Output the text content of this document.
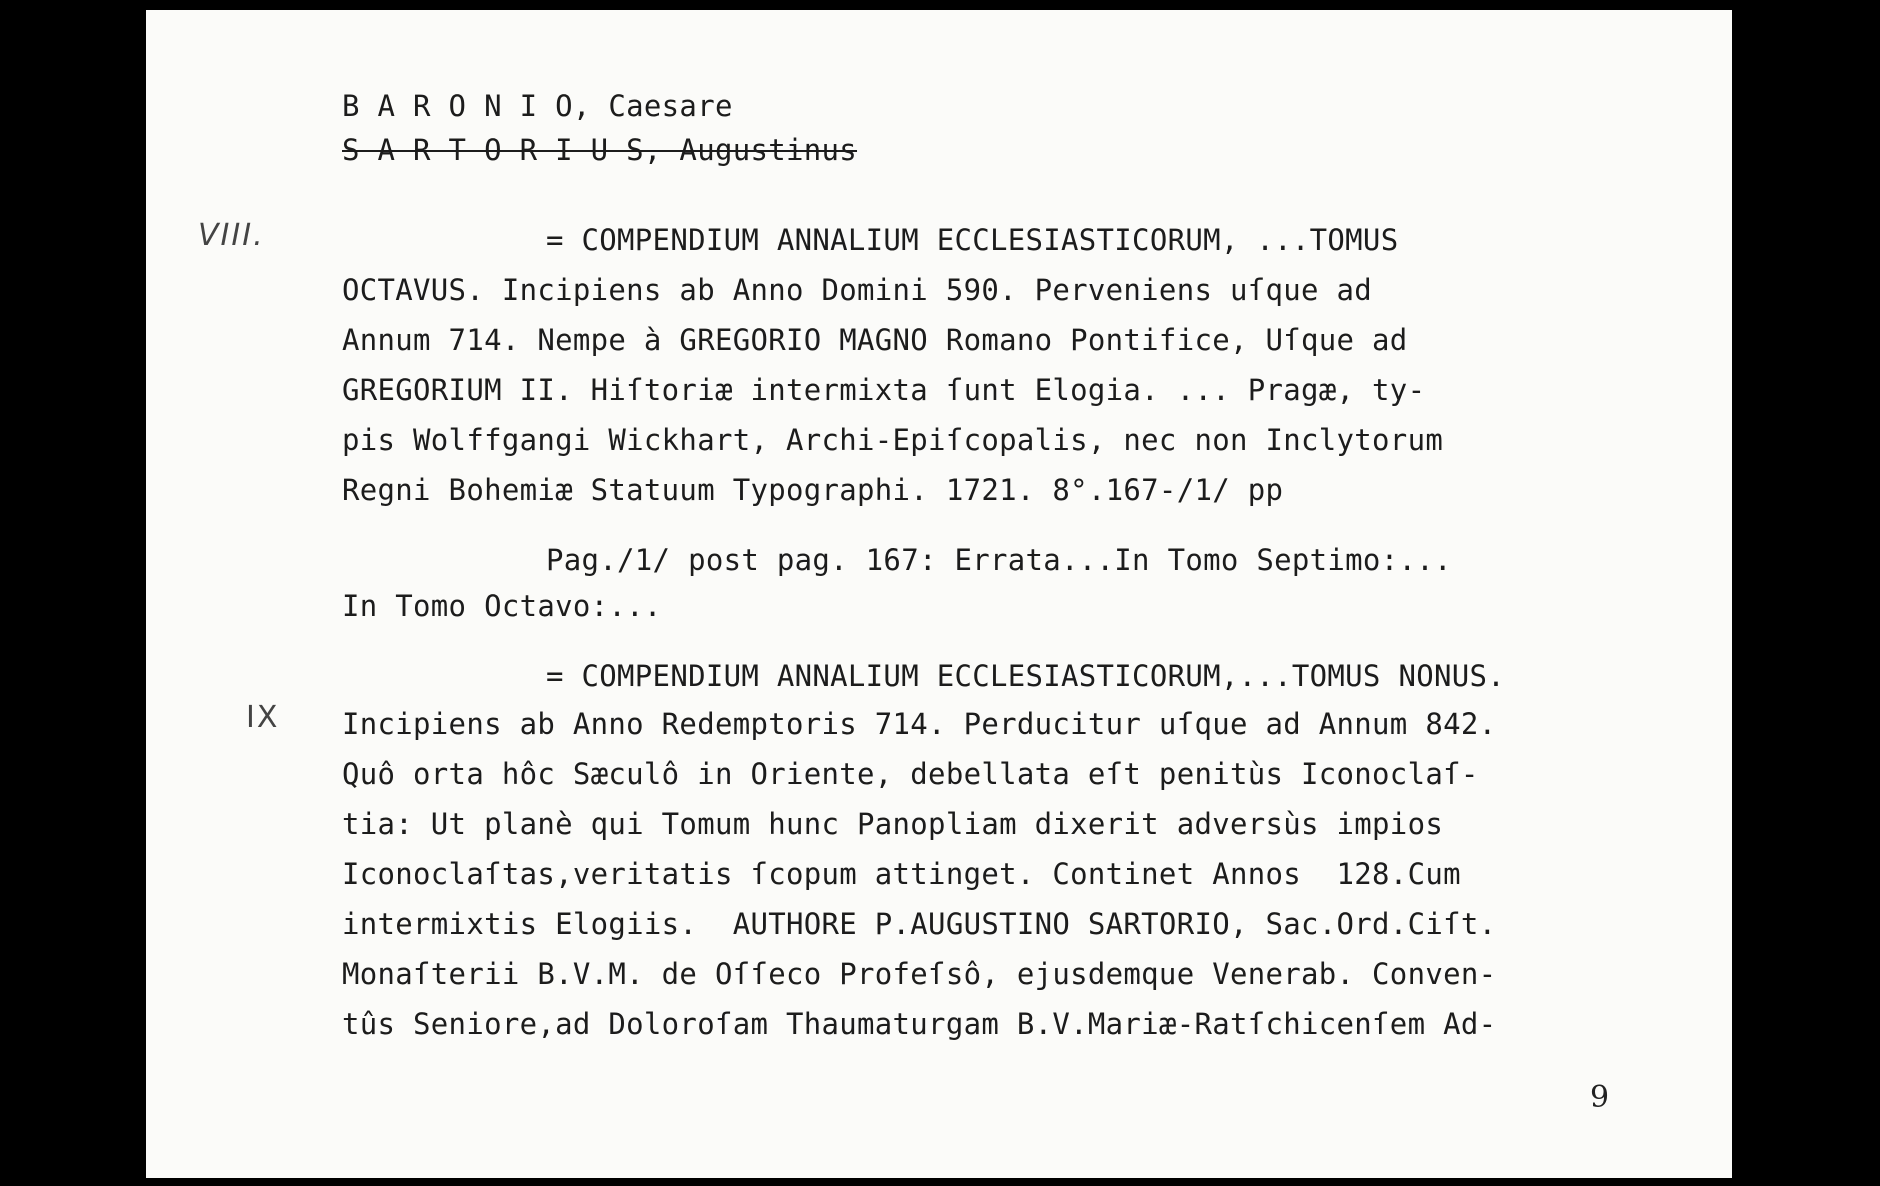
B A R O N I O, Caesare
S A R T O R I U S, Augustinus
VIII.	= COMPENDIUM ANNALIUM ECCLESIASTICORUM, ...TOMUS
OCTAVUS. Incipiens ab Anno Domini 590. Perveniens uſque ad
Annum 714. Nempe à GREGORIO MAGNO Romano Pontifice, Uſque ad
GREGORIUM II. Hiſtoriæ intermixta ſunt Elogia. ... Pragæ, ty-
pis Wolffgangi Wickhart, Archi-Epiſcopalis, nec non Inclytorum
Regni Bohemiæ Statuum Typographi. 1721. 8°.167-/1/ pp
Pag./1/ post pag. 167: Errata...In Tomo Septimo:...
In Tomo Octavo:...
IX
= COMPENDIUM ANNALIUM ECCLESIASTICORUM,...TOMUS NONUS.
Incipiens ab Anno Redemptoris 714. Perducitur uſque ad Annum 842.
Quô orta hôc Sæculô in Oriente, debellata eſt penitùs Iconoclaſ-
tia: Ut planè qui Tomum hunc Panopliam dixerit adversùs impios
Iconoclaſtas,veritatis ſcopum attinget. Continet Annos  128.Cum
intermixtis Elogiis.  AUTHORE P.AUGUSTINO SARTORIO, Sac.Ord.Ciſt.
Monaſterii B.V.M. de Oſſeco Profeſsô, ejusdemque Venerab. Conven-
tûs Seniore,ad Doloroſam Thaumaturgam B.V.Mariæ-Ratſchicenſem Ad-
9
